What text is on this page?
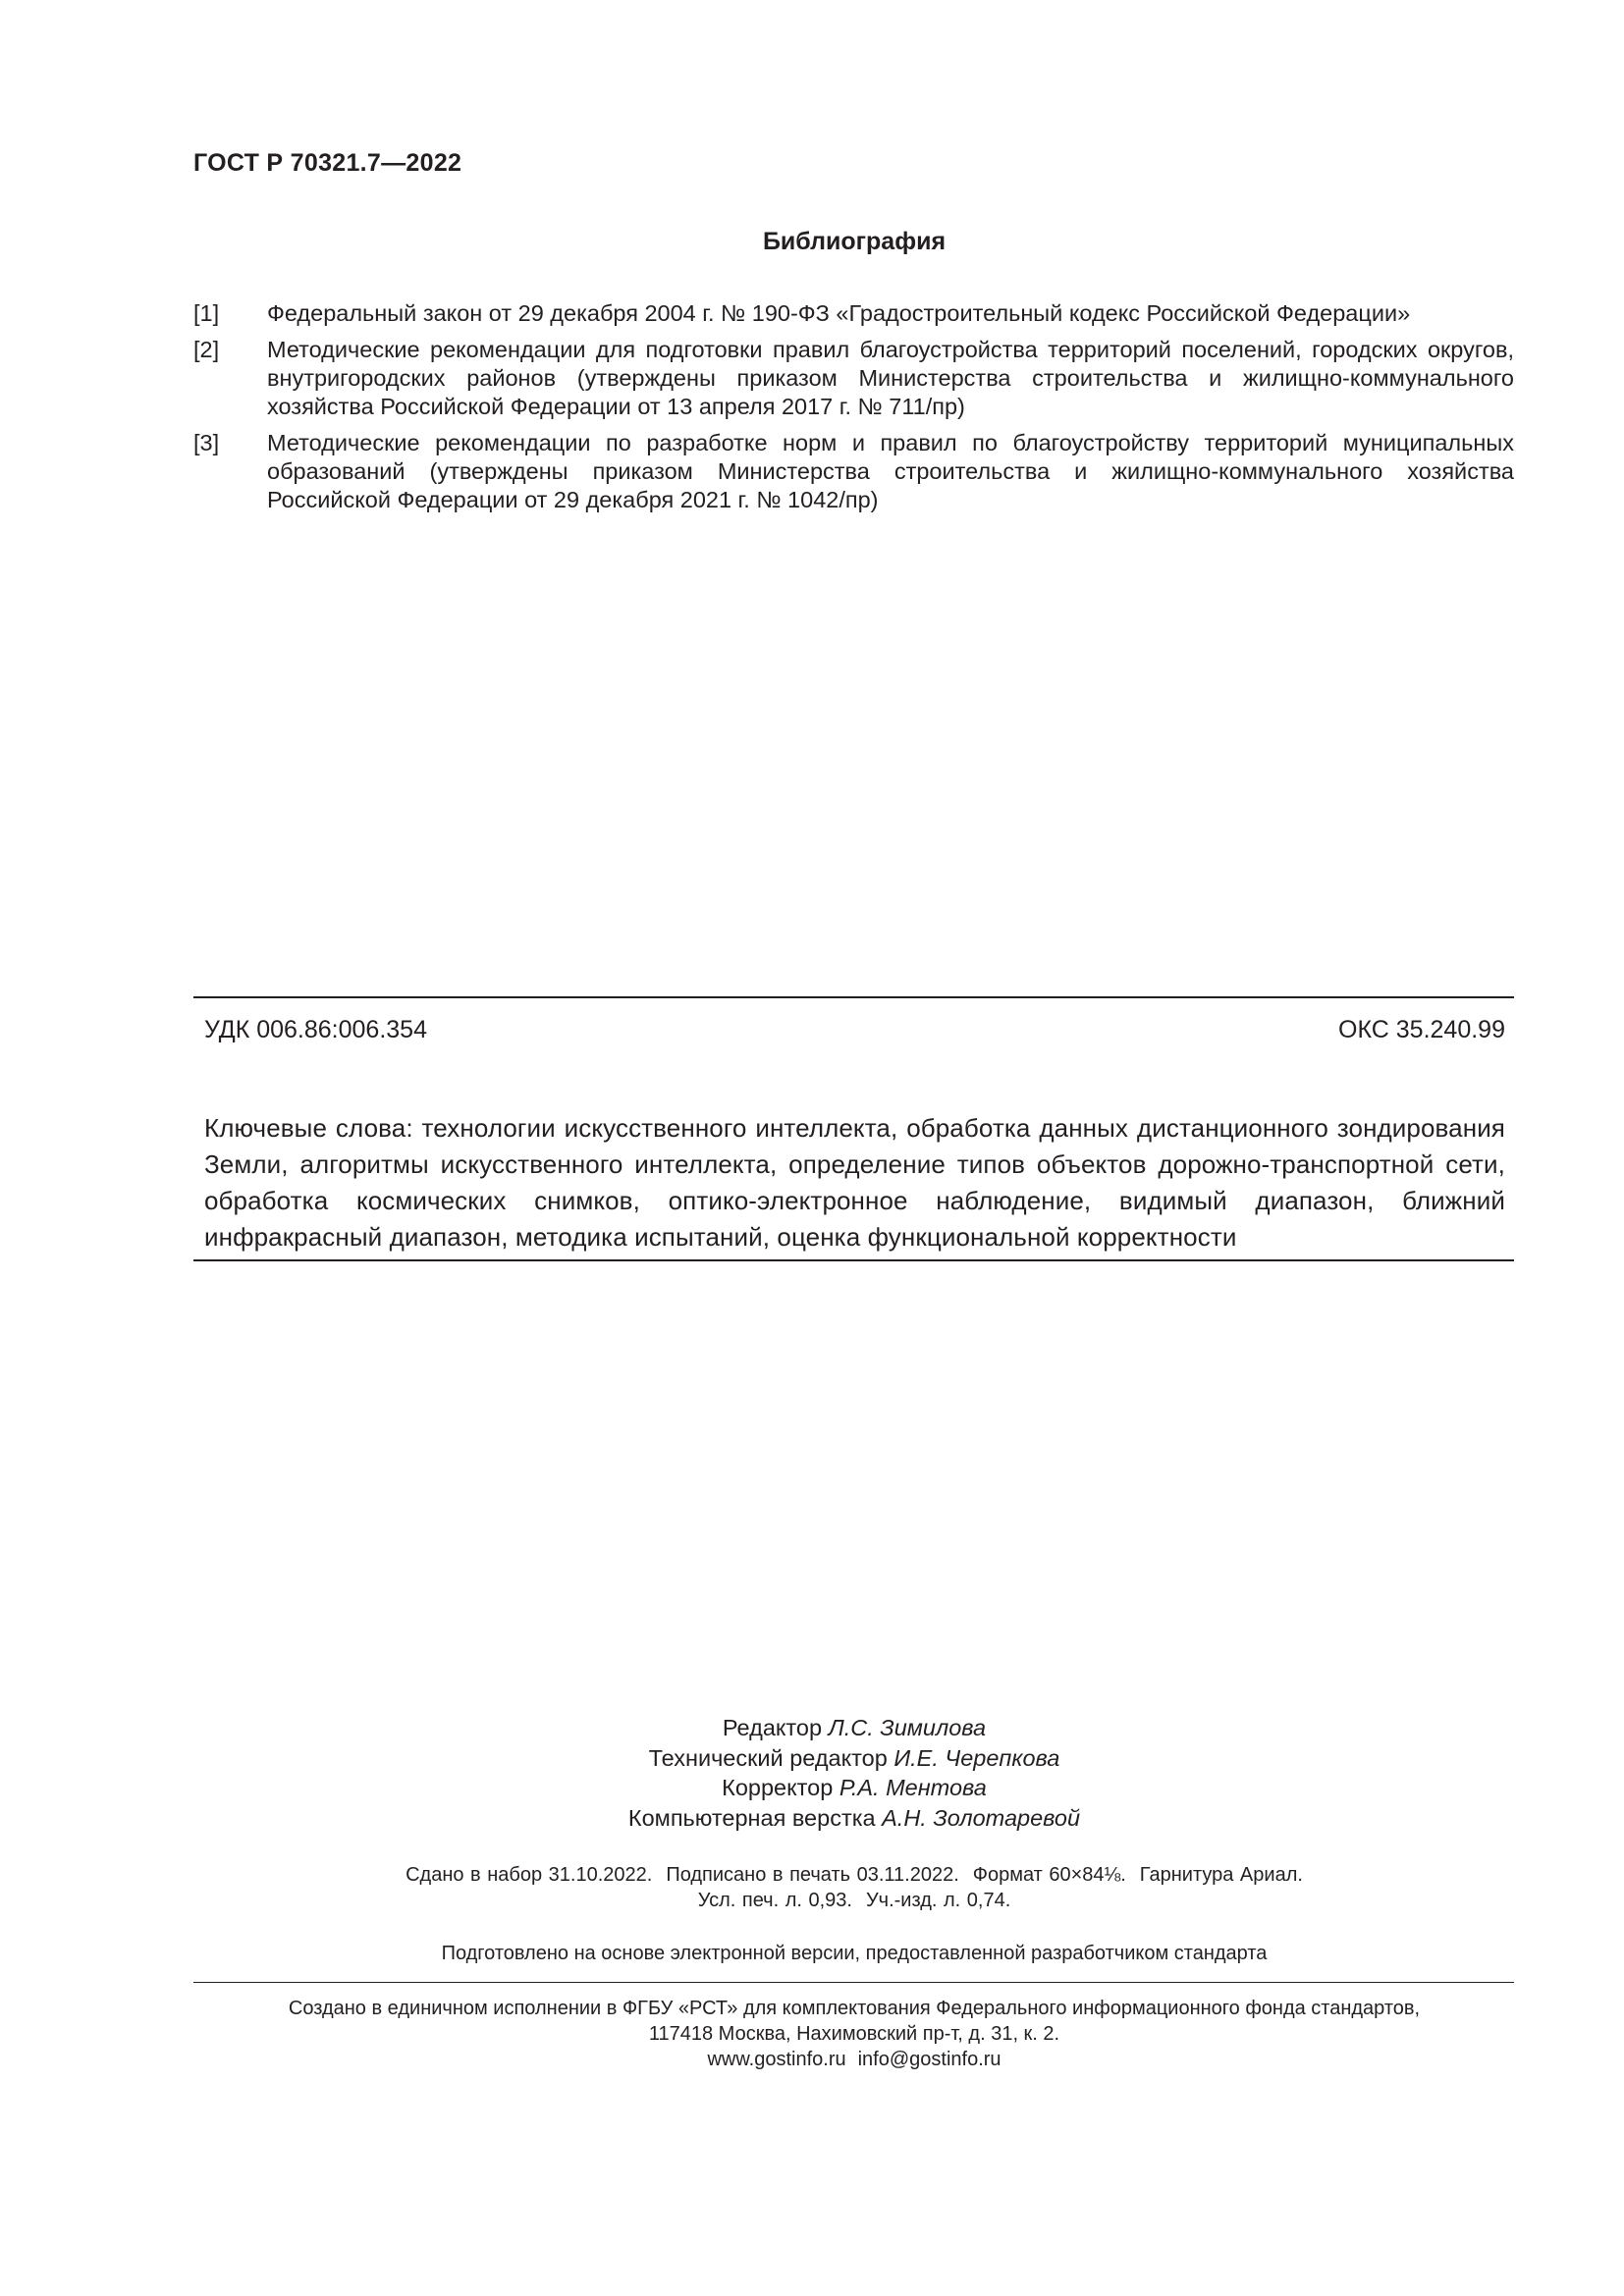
ГОСТ Р 70321.7—2022
Библиография
[1]	Федеральный закон от 29 декабря 2004 г. № 190-ФЗ «Градостроительный кодекс Российской Федерации»
[2]	Методические рекомендации для подготовки правил благоустройства территорий поселений, городских округов, внутригородских районов (утверждены приказом Министерства строительства и жилищно-коммунального хозяйства Российской Федерации от 13 апреля 2017 г. № 711/пр)
[3]	Методические рекомендации по разработке норм и правил по благоустройству территорий муниципальных образований (утверждены приказом Министерства строительства и жилищно-коммунального хозяйства Российской Федерации от 29 декабря 2021 г. № 1042/пр)
УДК 006.86:006.354	ОКС 35.240.99
Ключевые слова: технологии искусственного интеллекта, обработка данных дистанционного зондирования Земли, алгоритмы искусственного интеллекта, определение типов объектов дорожно-транспортной сети, обработка космических снимков, оптико-электронное наблюдение, видимый диапазон, ближний инфракрасный диапазон, методика испытаний, оценка функциональной корректности
Редактор Л.С. Зимилова
Технический редактор И.Е. Черепкова
Корректор Р.А. Ментова
Компьютерная верстка А.Н. Золотаревой
Сдано в набор 31.10.2022. Подписано в печать 03.11.2022. Формат 60×84⅛. Гарнитура Ариал.
Усл. печ. л. 0,93. Уч.-изд. л. 0,74.
Подготовлено на основе электронной версии, предоставленной разработчиком стандарта
Создано в единичном исполнении в ФГБУ «РСТ» для комплектования Федерального информационного фонда стандартов,
117418 Москва, Нахимовский пр-т, д. 31, к. 2.
www.gostinfo.ru info@gostinfo.ru
